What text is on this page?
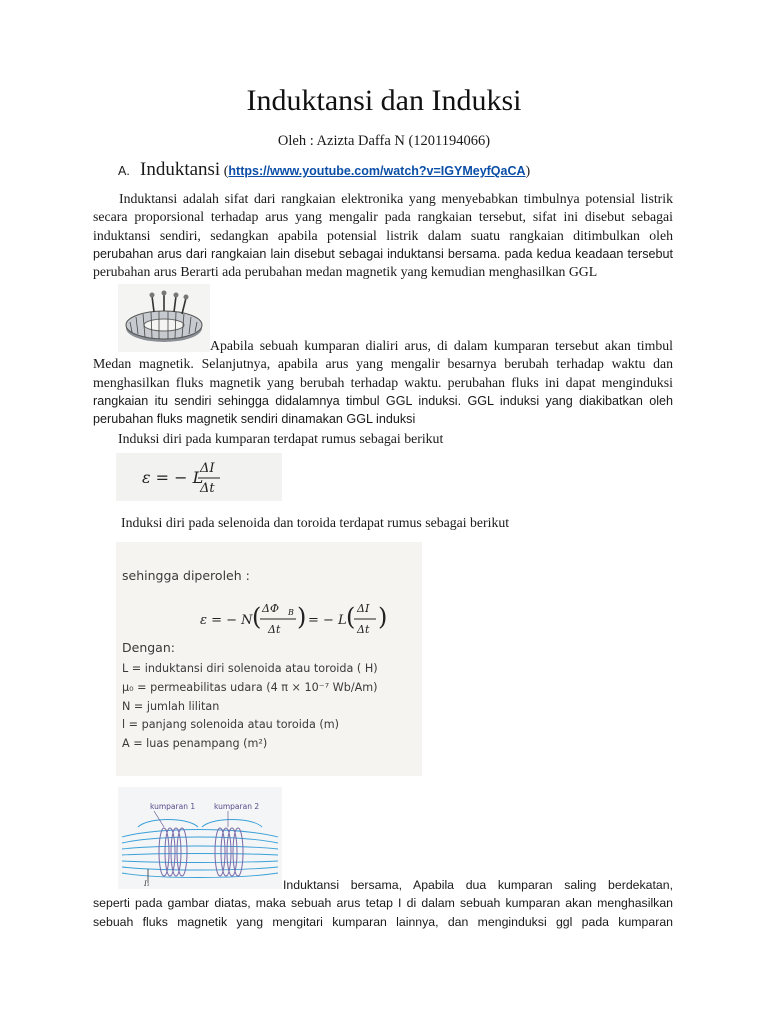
Induktansi dan Induksi
Oleh : Azizta Daffa N (1201194066)
A. Induktansi (https://www.youtube.com/watch?v=IGYMeyfQaCA)
Induktansi adalah sifat dari rangkaian elektronika yang menyebabkan timbulnya potensial listrik
secara proporsional terhadap arus yang mengalir pada rangkaian tersebut, sifat ini disebut sebagai
induktansi sendiri, sedangkan apabila potensial listrik dalam suatu rangkaian ditimbulkan oleh
perubahan arus dari rangkaian lain disebut sebagai induktansi bersama. pada kedua keadaan tersebut
perubahan arus Berarti ada perubahan medan magnetik yang kemudian menghasilkan GGL
Apabila sebuah kumparan dialiri arus, di dalam kumparan tersebut akan timbul
Medan magnetik. Selanjutnya, apabila arus yang mengalir besarnya berubah terhadap waktu dan
menghasilkan fluks magnetik yang berubah terhadap waktu. perubahan fluks ini dapat menginduksi
rangkaian itu sendiri sehingga didalamnya timbul GGL induksi. GGL induksi yang diakibatkan oleh
perubahan fluks magnetik sendiri dinamakan GGL induksi
Induksi diri pada kumparan terdapat rumus sebagai berikut
ε = − L
ΔI
Δt
Induksi diri pada selenoida dan toroida terdapat rumus sebagai berikut
sehingga diperoleh :
ε = − N ( ΔΦ B
Δt ) = − L ( ΔI
Δt )
Dengan:
L = induktansi diri solenoida atau toroida ( H)
μ₀ = permeabilitas udara (4 π × 10⁻⁷ Wb/Am)
N = jumlah lilitan
l = panjang solenoida atau toroida (m)
A = luas penampang (m²)
kumparan 1	kumparan 2
I₁	Induktansi bersama, Apabila dua kumparan saling berdekatan,
seperti pada gambar diatas, maka sebuah arus tetap I di dalam sebuah kumparan akan menghasilkan
sebuah fluks magnetik yang mengitari kumparan lainnya, dan menginduksi ggl pada kumparan
